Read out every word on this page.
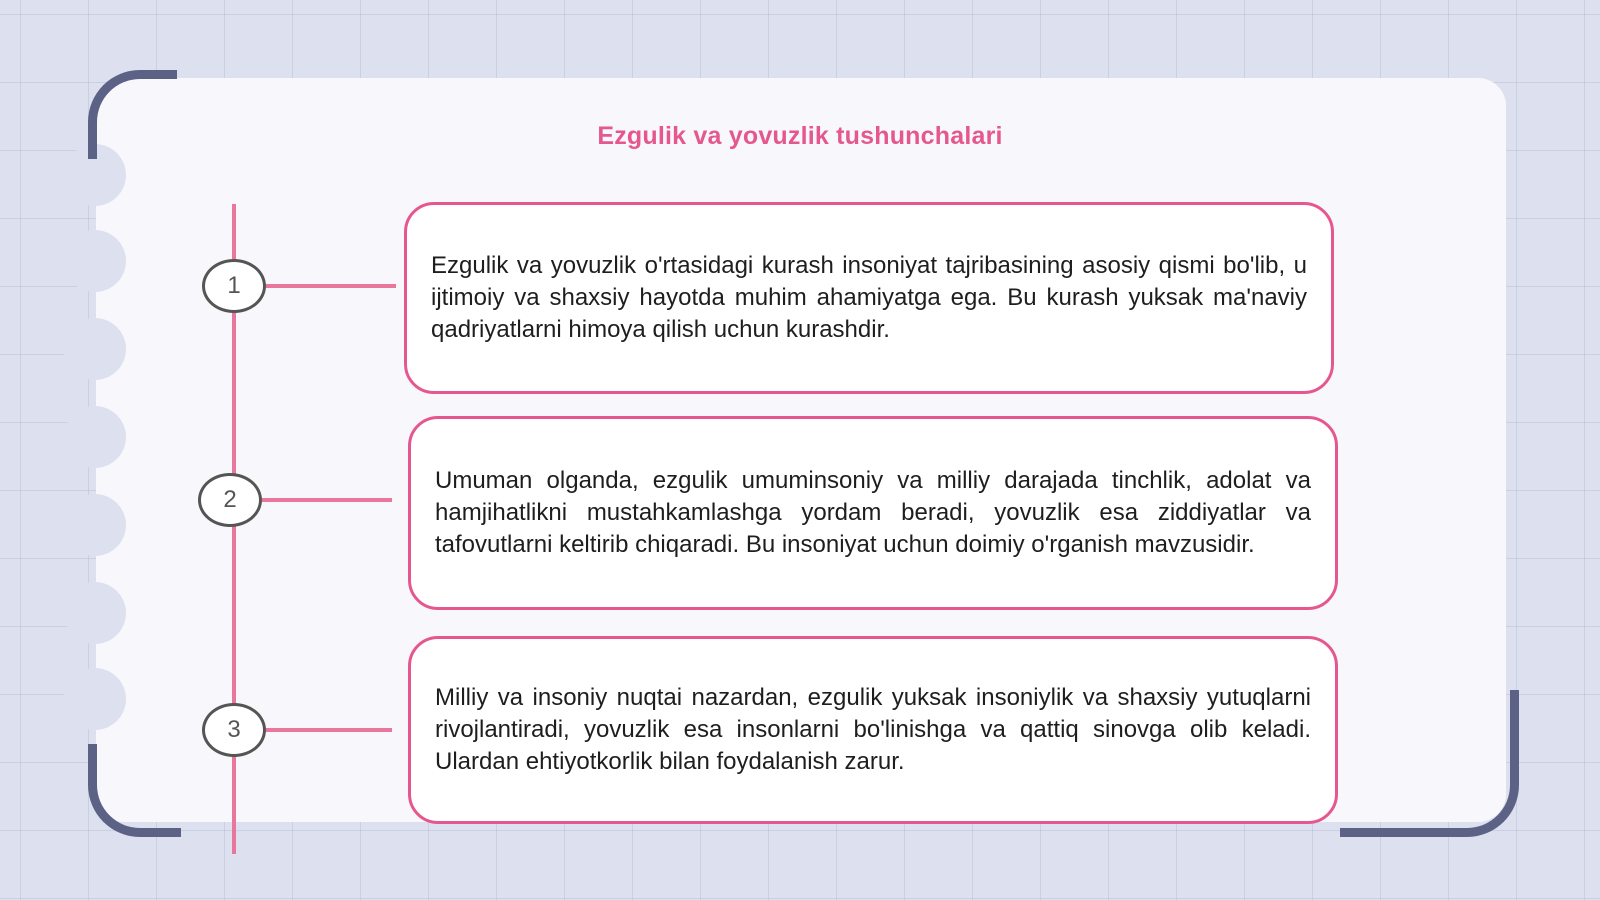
Ezgulik va yovuzlik tushunchalari
1
2
3

Ezgulik va yovuzlik o'rtasidagi kurash insoniyat tajribasining asosiy qismi bo'lib, u ijtimoiy va shaxsiy hayotda muhim ahamiyatga ega. Bu kurash yuksak ma'naviy qadriyatlarni himoya qilish uchun kurashdir.

Umuman olganda, ezgulik umuminsoniy va milliy darajada tinchlik, adolat va hamjihatlikni mustahkamlashga yordam beradi, yovuzlik esa ziddiyatlar va tafovutlarni keltirib chiqaradi. Bu insoniyat uchun doimiy o'rganish mavzusidir.

Milliy va insoniy nuqtai nazardan, ezgulik yuksak insoniylik va shaxsiy yutuqlarni rivojlantiradi, yovuzlik esa insonlarni bo'linishga va qattiq sinovga olib keladi. Ulardan ehtiyotkorlik bilan foydalanish zarur.
